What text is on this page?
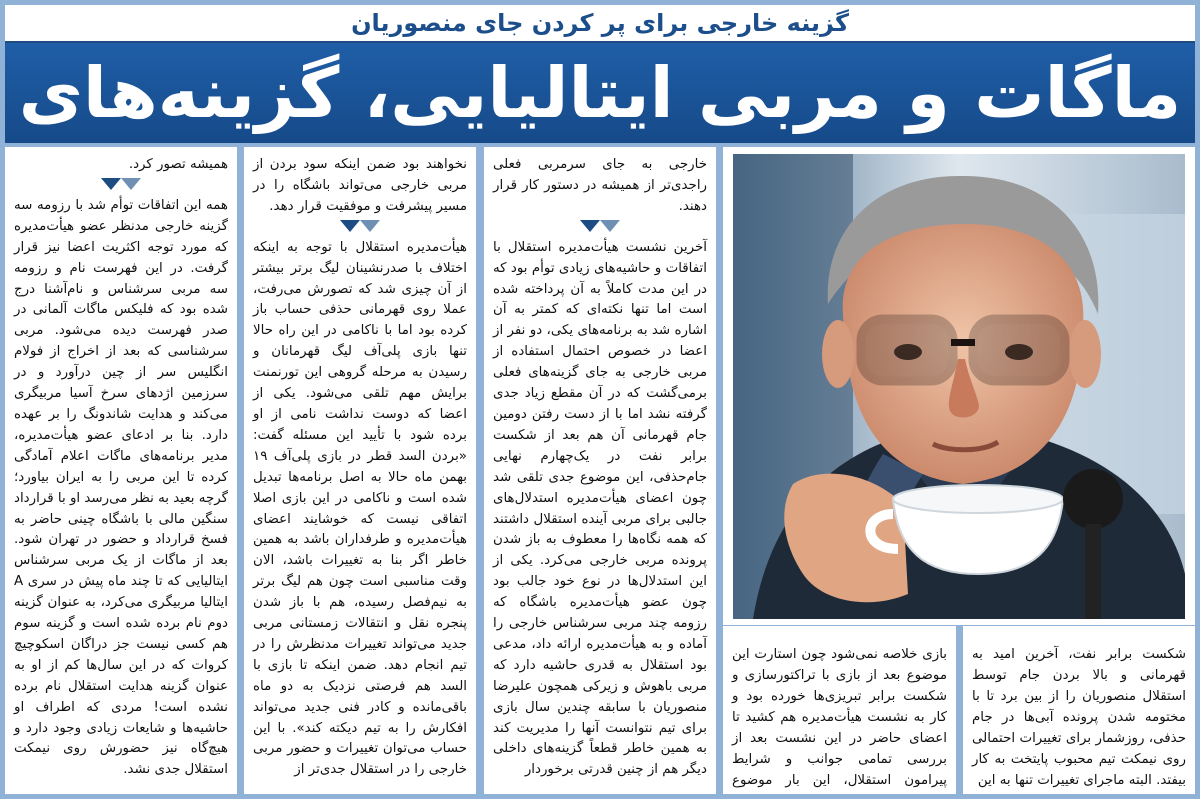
گزینه خارجی برای پر کردن جای منصوریان
ماگات و مربی ایتالیایی، گزینه‌های

همیشه تصور کرد.

همه این اتفاقات توأم شد با رزومه سه گزینه خارجی مدنظر عضو هیأت‌مدیره که مورد توجه اکثریت اعضا نیز قرار گرفت. در این فهرست نام و رزومه سه مربی سرشناس و نام‌آشنا درج شده بود که فلیکس ماگات آلمانی در صدر فهرست دیده می‌شود. مربی سرشناسی که بعد از اخراج از فولام انگلیس سر از چین درآورد و در سرزمین اژدهای سرخ آسیا مربیگری می‌کند و هدایت شاندونگ را بر عهده دارد. بنا بر ادعای عضو هیأت‌مدیره، مدیر برنامه‌های ماگات اعلام آمادگی کرده تا این مربی را به ایران بیاورد؛ گرچه بعید به نظر می‌رسد او با قرارداد سنگین مالی با باشگاه چینی حاضر به فسخ قرارداد و حضور در تهران شود. بعد از ماگات از یک مربی سرشناس ایتالیایی که تا چند ماه پیش در سری A ایتالیا مربیگری می‌کرد، به عنوان گزینه دوم نام برده شده است و گزینه سوم هم کسی نیست جز دراگان اسکوچیچ کروات که در این سال‌ها کم از او به عنوان گزینه هدایت استقلال نام برده نشده است! مردی که اطراف او حاشیه‌ها و شایعات زیادی وجود دارد و هیچ‌گاه نیز حضورش روی نیمکت استقلال جدی نشد.

نخواهند بود ضمن اینکه سود بردن از مربی خارجی می‌تواند باشگاه را در مسیر پیشرفت و موفقیت قرار دهد.

هیأت‌مدیره استقلال با توجه به اینکه اختلاف با صدرنشینان لیگ برتر بیشتر از آن چیزی شد که تصورش می‌رفت، عملا روی قهرمانی حذفی حساب باز کرده بود اما با ناکامی در این راه حالا تنها بازی پلی‌آف لیگ قهرمانان و رسیدن به مرحله گروهی این تورنمنت برایش مهم تلقی می‌شود. یکی از اعضا که دوست نداشت نامی از او برده شود با تأیید این مسئله گفت: «بردن السد قطر در بازی پلی‌آف ۱۹ بهمن ماه حالا به اصل برنامه‌ها تبدیل شده است و ناکامی در این بازی اصلا اتفاقی نیست که خوشایند اعضای هیأت‌مدیره و طرفداران باشد به همین خاطر اگر بنا به تغییرات باشد، الان وقت مناسبی است چون هم لیگ برتر به نیم‌فصل رسیده، هم با باز شدن پنجره نقل و انتقالات زمستانی مربی جدید می‌تواند تغییرات مدنظرش را در تیم انجام دهد. ضمن اینکه تا بازی با السد هم فرصتی نزدیک به دو ماه باقی‌مانده و کادر فنی جدید می‌تواند افکارش را به تیم دیکته کند». با این حساب می‌توان تغییرات و حضور مربی خارجی را در استقلال جدی‌تر از

خارجی به جای سرمربی فعلی راجدی‌تر از همیشه در دستور کار قرار دهند.

آخرین نشست هیأت‌مدیره استقلال با اتفاقات و حاشیه‌های زیادی توأم بود که در این مدت کاملاً به آن پرداخته شده است اما تنها نکته‌ای که کمتر به آن اشاره شد به برنامه‌های یکی، دو نفر از اعضا در خصوص احتمال استفاده از مربی خارجی به جای گزینه‌های فعلی برمی‌گشت که در آن مقطع زیاد جدی گرفته نشد اما با از دست رفتن دومین جام قهرمانی آن هم بعد از شکست برابر نفت در یک‌چهارم نهایی جام‌حذفی، این موضوع جدی تلقی شد چون اعضای هیأت‌مدیره استدلال‌های جالبی برای مربی آینده استقلال داشتند که همه نگاه‌ها را معطوف به باز شدن پرونده مربی خارجی می‌کرد. یکی از این استدلال‌ها در نوع خود جالب بود چون عضو هیأت‌مدیره باشگاه که رزومه چند مربی سرشناس خارجی را آماده و به هیأت‌مدیره ارائه داد، مدعی بود استقلال به قدری حاشیه دارد که مربی باهوش و زیرکی همچون علیرضا منصوریان با سابقه چندین سال بازی برای تیم نتوانست آنها را مدیریت کند به همین خاطر قطعاً گزینه‌های داخلی دیگر هم از چنین قدرتی برخوردار

بازی خلاصه نمی‌شود چون استارت این موضوع بعد از بازی با تراکتورسازی و شکست برابر تبریزی‌ها خورده بود و کار به نشست هیأت‌مدیره هم کشید تا اعضای حاضر در این نشست بعد از بررسی تمامی جوانب و شرایط پیرامون استقلال، این بار موضوع

شکست برابر نفت، آخرین امید به قهرمانی و بالا بردن جام توسط استقلال منصوریان را از بین برد تا با مختومه شدن پرونده آبی‌ها در جام حذفی، روزشمار برای تغییرات احتمالی روی نیمکت تیم محبوب پایتخت به کار بیفتد. البته ماجرای تغییرات تنها به این
